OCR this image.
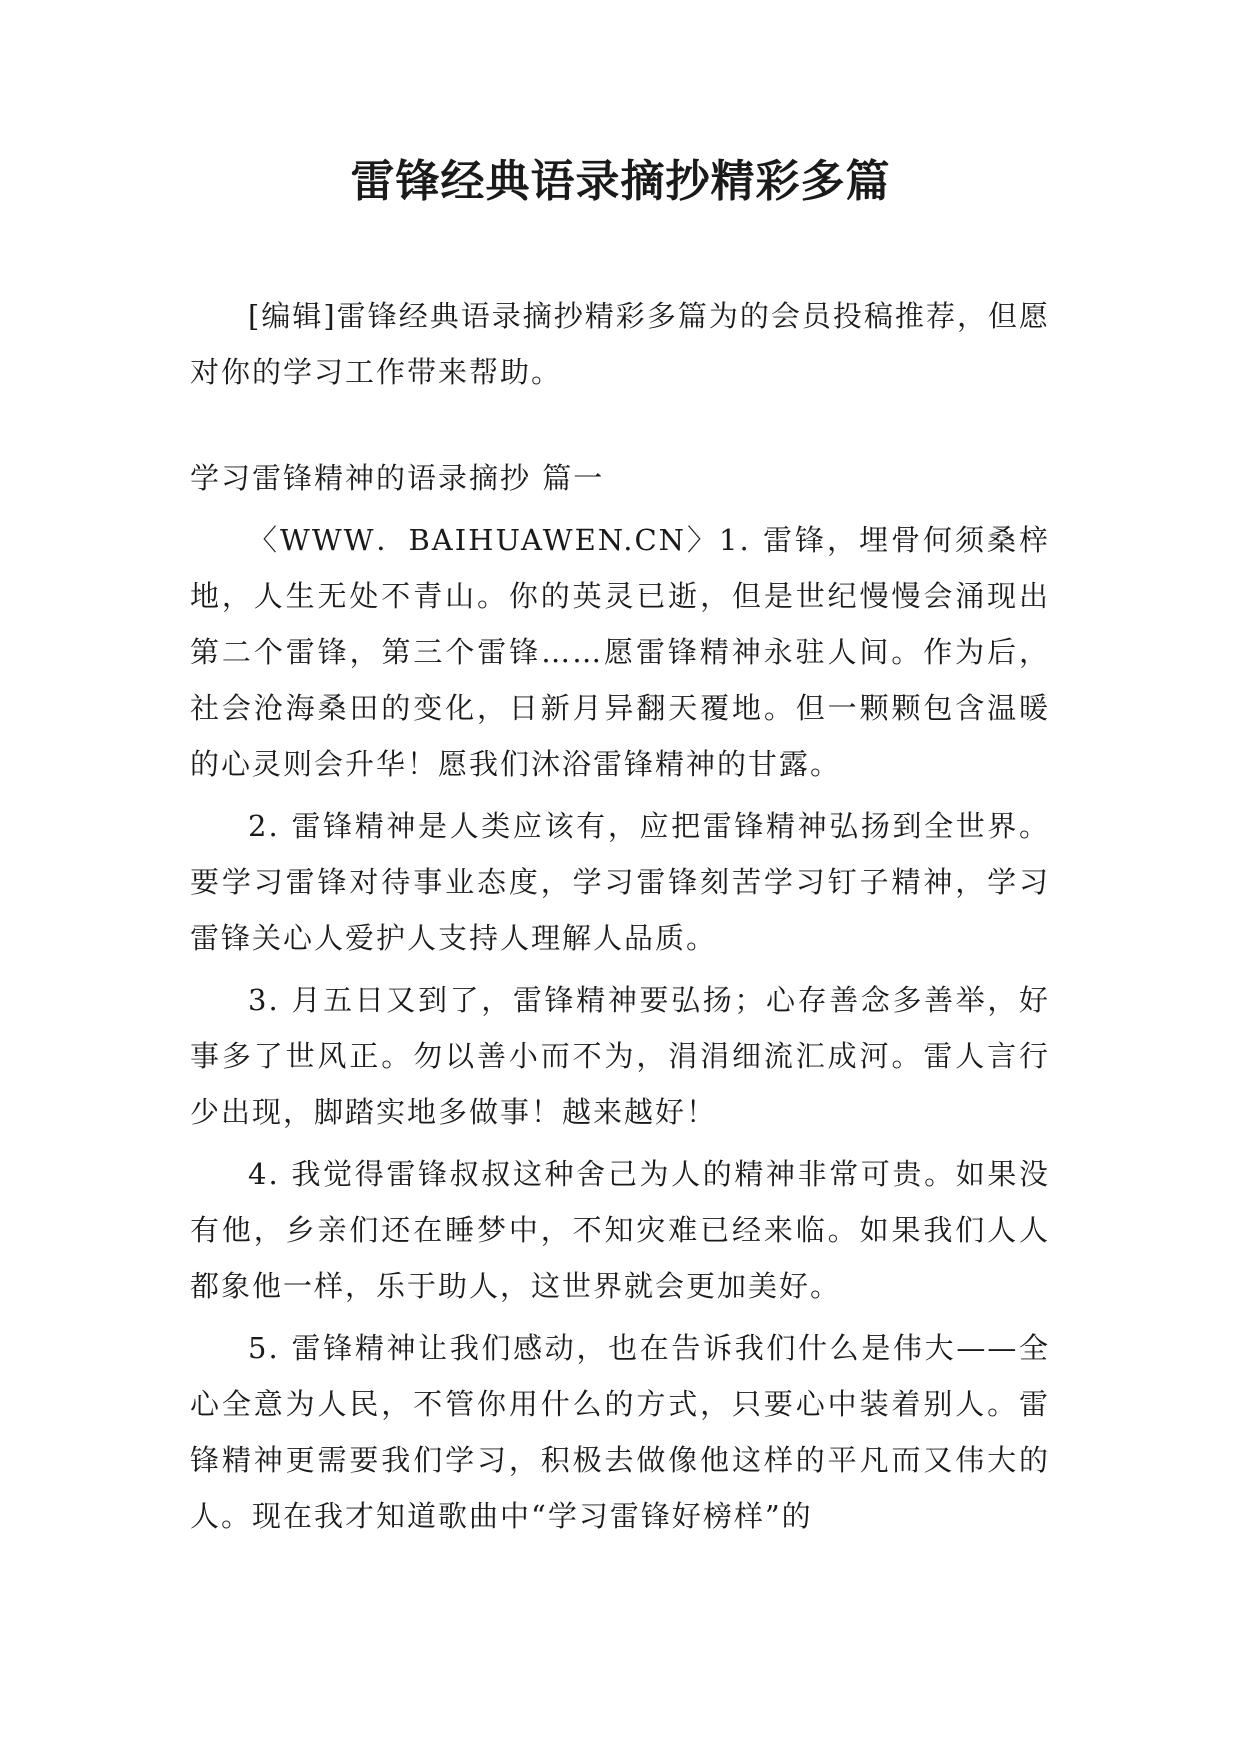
雷锋经典语录摘抄精彩多篇

[编辑]雷锋经典语录摘抄精彩多篇为的会员投稿推荐，但愿对你的学习工作带来帮助。

学习雷锋精神的语录摘抄 篇一

〈WWW．BAIHUAWEN.CN〉1. 雷锋，埋骨何须桑梓地，人生无处不青山。你的英灵已逝，但是世纪慢慢会涌现出第二个雷锋，第三个雷锋……愿雷锋精神永驻人间。作为后，社会沧海桑田的变化，日新月异翻天覆地。但一颗颗包含温暖的心灵则会升华！愿我们沐浴雷锋精神的甘露。

2. 雷锋精神是人类应该有，应把雷锋精神弘扬到全世界。要学习雷锋对待事业态度，学习雷锋刻苦学习钉子精神，学习雷锋关心人爱护人支持人理解人品质。

3. 月五日又到了，雷锋精神要弘扬；心存善念多善举，好事多了世风正。勿以善小而不为，涓涓细流汇成河。雷人言行少出现，脚踏实地多做事！越来越好！

4. 我觉得雷锋叔叔这种舍己为人的精神非常可贵。如果没有他，乡亲们还在睡梦中，不知灾难已经来临。如果我们人人都象他一样，乐于助人，这世界就会更加美好。

5. 雷锋精神让我们感动，也在告诉我们什么是伟大——全心全意为人民，不管你用什么的方式，只要心中装着别人。雷锋精神更需要我们学习，积极去做像他这样的平凡而又伟大的人。现在我才知道歌曲中“学习雷锋好榜样”的
